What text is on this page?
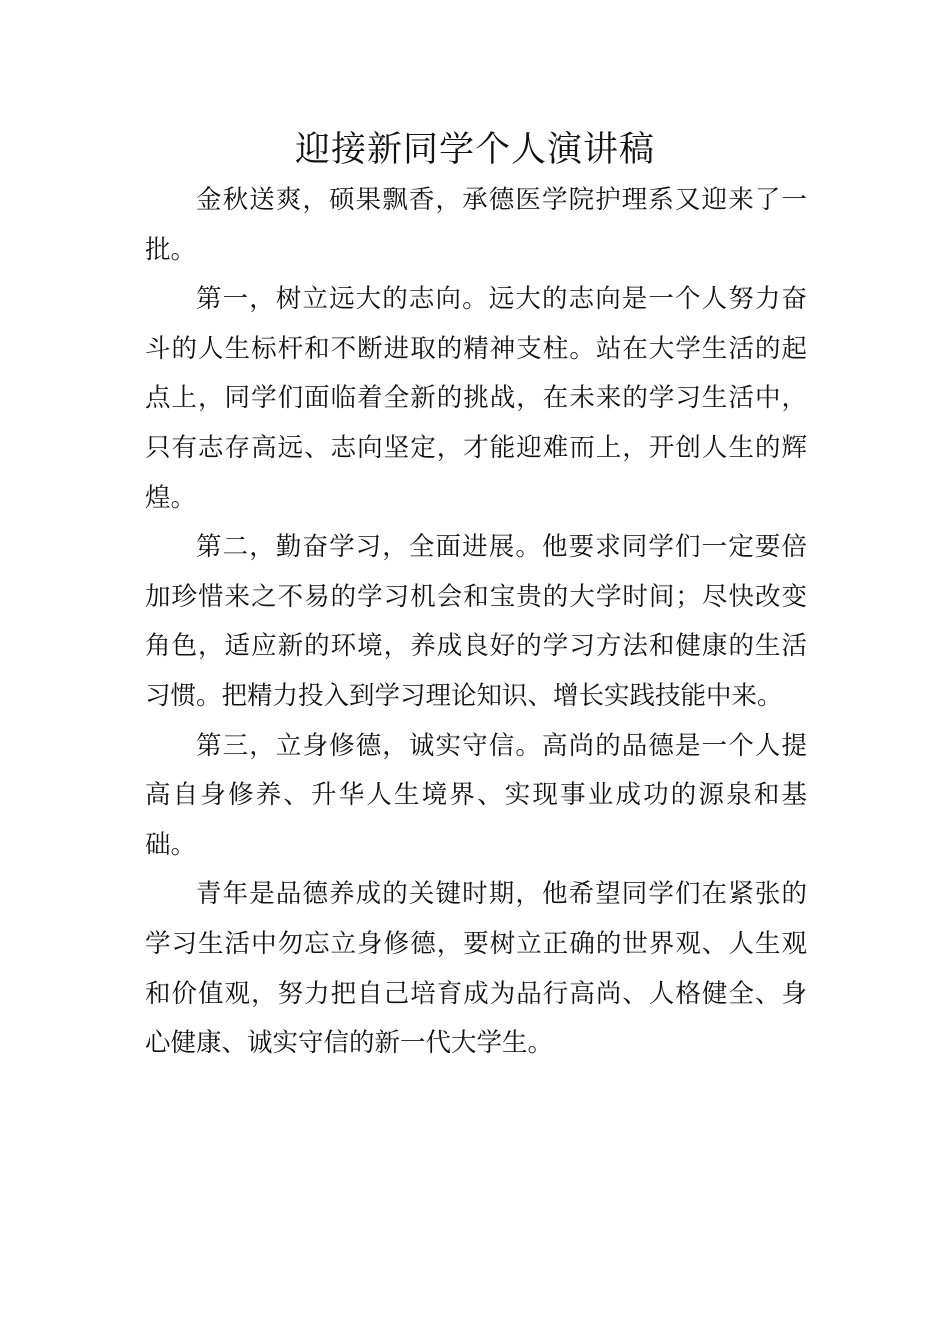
迎接新同学个人演讲稿

金秋送爽，硕果飘香，承德医学院护理系又迎来了一批。

第一，树立远大的志向。远大的志向是一个人努力奋斗的人生标杆和不断进取的精神支柱。站在大学生活的起点上，同学们面临着全新的挑战，在未来的学习生活中，只有志存高远、志向坚定，才能迎难而上，开创人生的辉煌。

第二，勤奋学习，全面进展。他要求同学们一定要倍加珍惜来之不易的学习机会和宝贵的大学时间；尽快改变角色，适应新的环境，养成良好的学习方法和健康的生活习惯。把精力投入到学习理论知识、增长实践技能中来。

第三，立身修德，诚实守信。高尚的品德是一个人提高自身修养、升华人生境界、实现事业成功的源泉和基础。

青年是品德养成的关键时期，他希望同学们在紧张的学习生活中勿忘立身修德，要树立正确的世界观、人生观和价值观，努力把自己培育成为品行高尚、人格健全、身心健康、诚实守信的新一代大学生。
